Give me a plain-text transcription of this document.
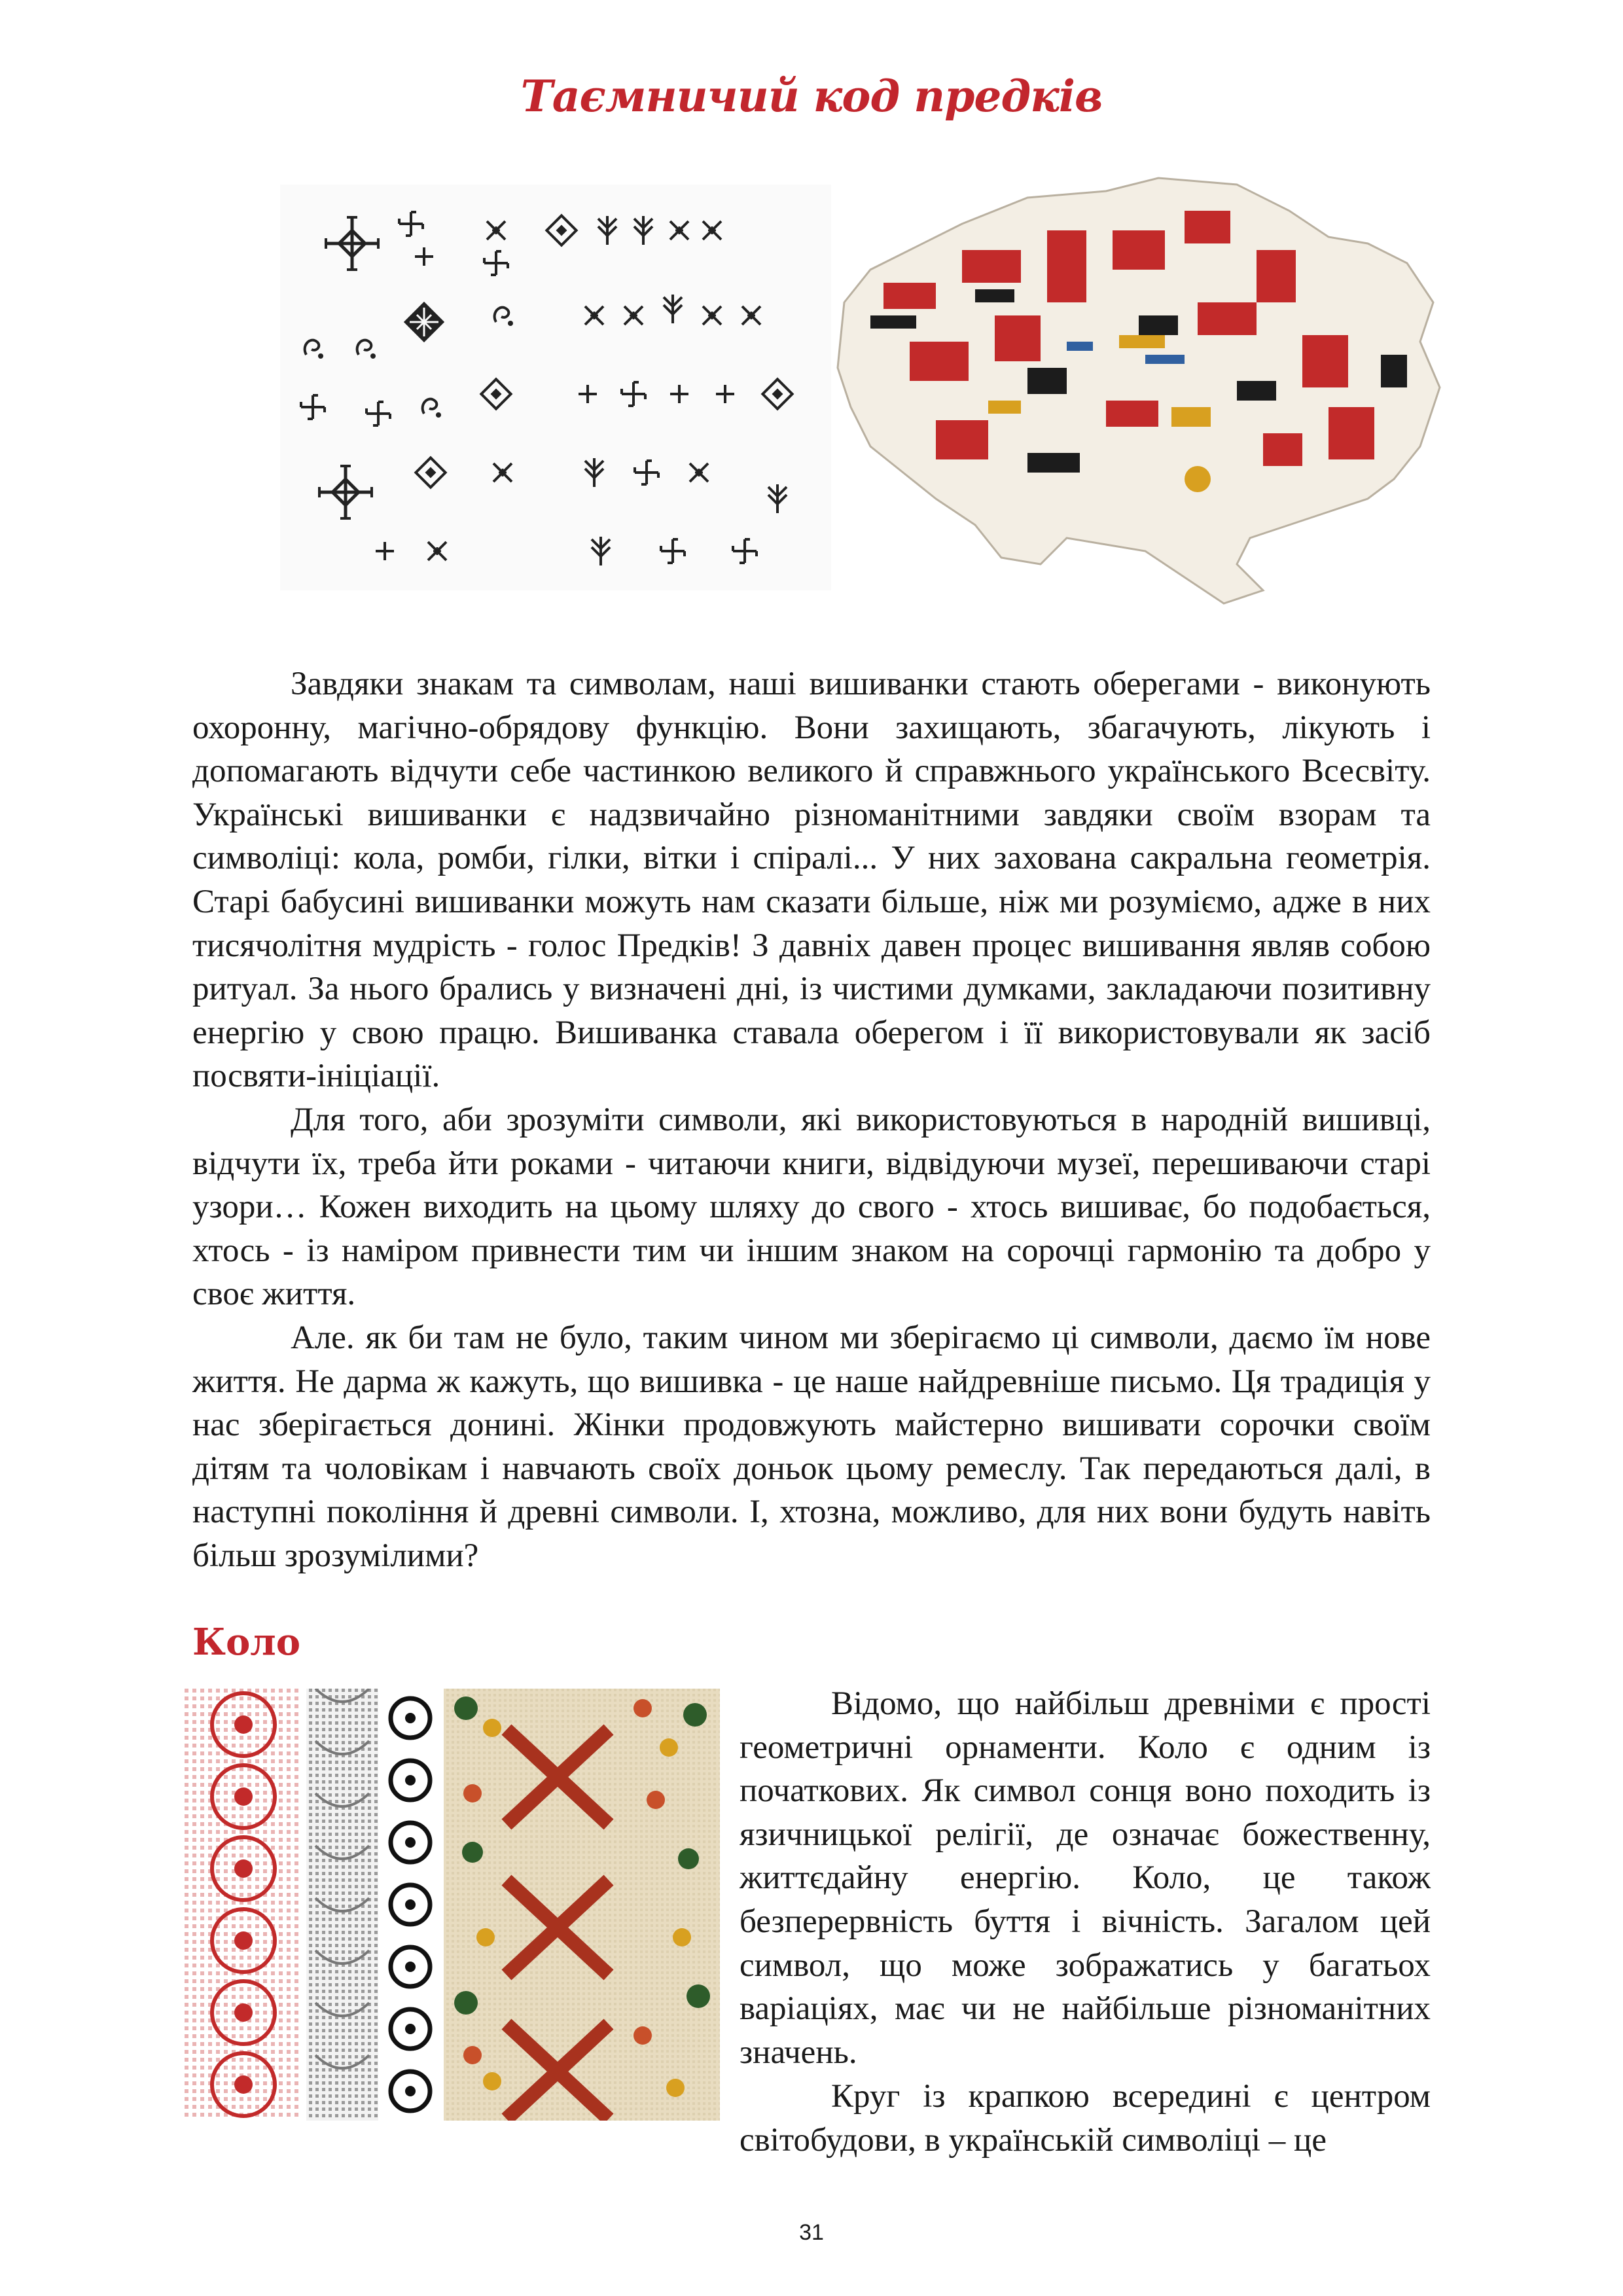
Таємничий код предків

Завдяки знакам та символам, наші вишиванки стають оберегами - виконують охоронну, магічно-обрядову функцію. Вони захищають, збагачують, лікують і допомагають відчути себе частинкою великого й справжнього українського Всесвіту. Українські вишиванки є надзвичайно різноманітними завдяки своїм взорам та символіці: кола, ромби, гілки, вітки і спіралі... У них захована сакральна геометрія. Старі бабусині вишиванки можуть нам сказати більше, ніж ми розуміємо, адже в них тисячолітня мудрість - голос Предків! З давніх давен процес вишивання являв собою ритуал. За нього брались у визначені дні, із чистими думками, закладаючи позитивну енергію у свою працю. Вишиванка ставала оберегом і її використовували як засіб посвяти-ініціації.

Для того, аби зрозуміти символи, які використовуються в народній вишивці, відчути їх, треба йти роками - читаючи книги, відвідуючи музеї, перешиваючи старі узори… Кожен виходить на цьому шляху до свого - хтось вишиває, бо подобається, хтось - із наміром привнести тим чи іншим знаком на сорочці гармонію та добро у своє життя.

Але. як би там не було, таким чином ми зберігаємо ці символи, даємо їм нове життя. Не дарма ж кажуть, що вишивка - це наше найдревніше письмо. Ця традиція у нас зберігається донині. Жінки продовжують майстерно вишивати сорочки своїм дітям та чоловікам і навчають своїх доньок цьому ремеслу. Так передаються далі, в наступні покоління й древні символи. І, хтозна, можливо, для них вони будуть навіть більш зрозумілими?

Коло

Відомо, що найбільш древніми є прості геометричні орнаменти. Коло є одним із початкових. Як символ сонця воно походить із язичницької релігії, де означає божественну, життєдайну енергію. Коло, це також безперервність буття і вічність. Загалом цей символ, що може зображатись у багатьох варіаціях, має чи не найбільше різноманітних значень.

Круг із крапкою всередині є центром світобудови, в українській символіці – це

31
